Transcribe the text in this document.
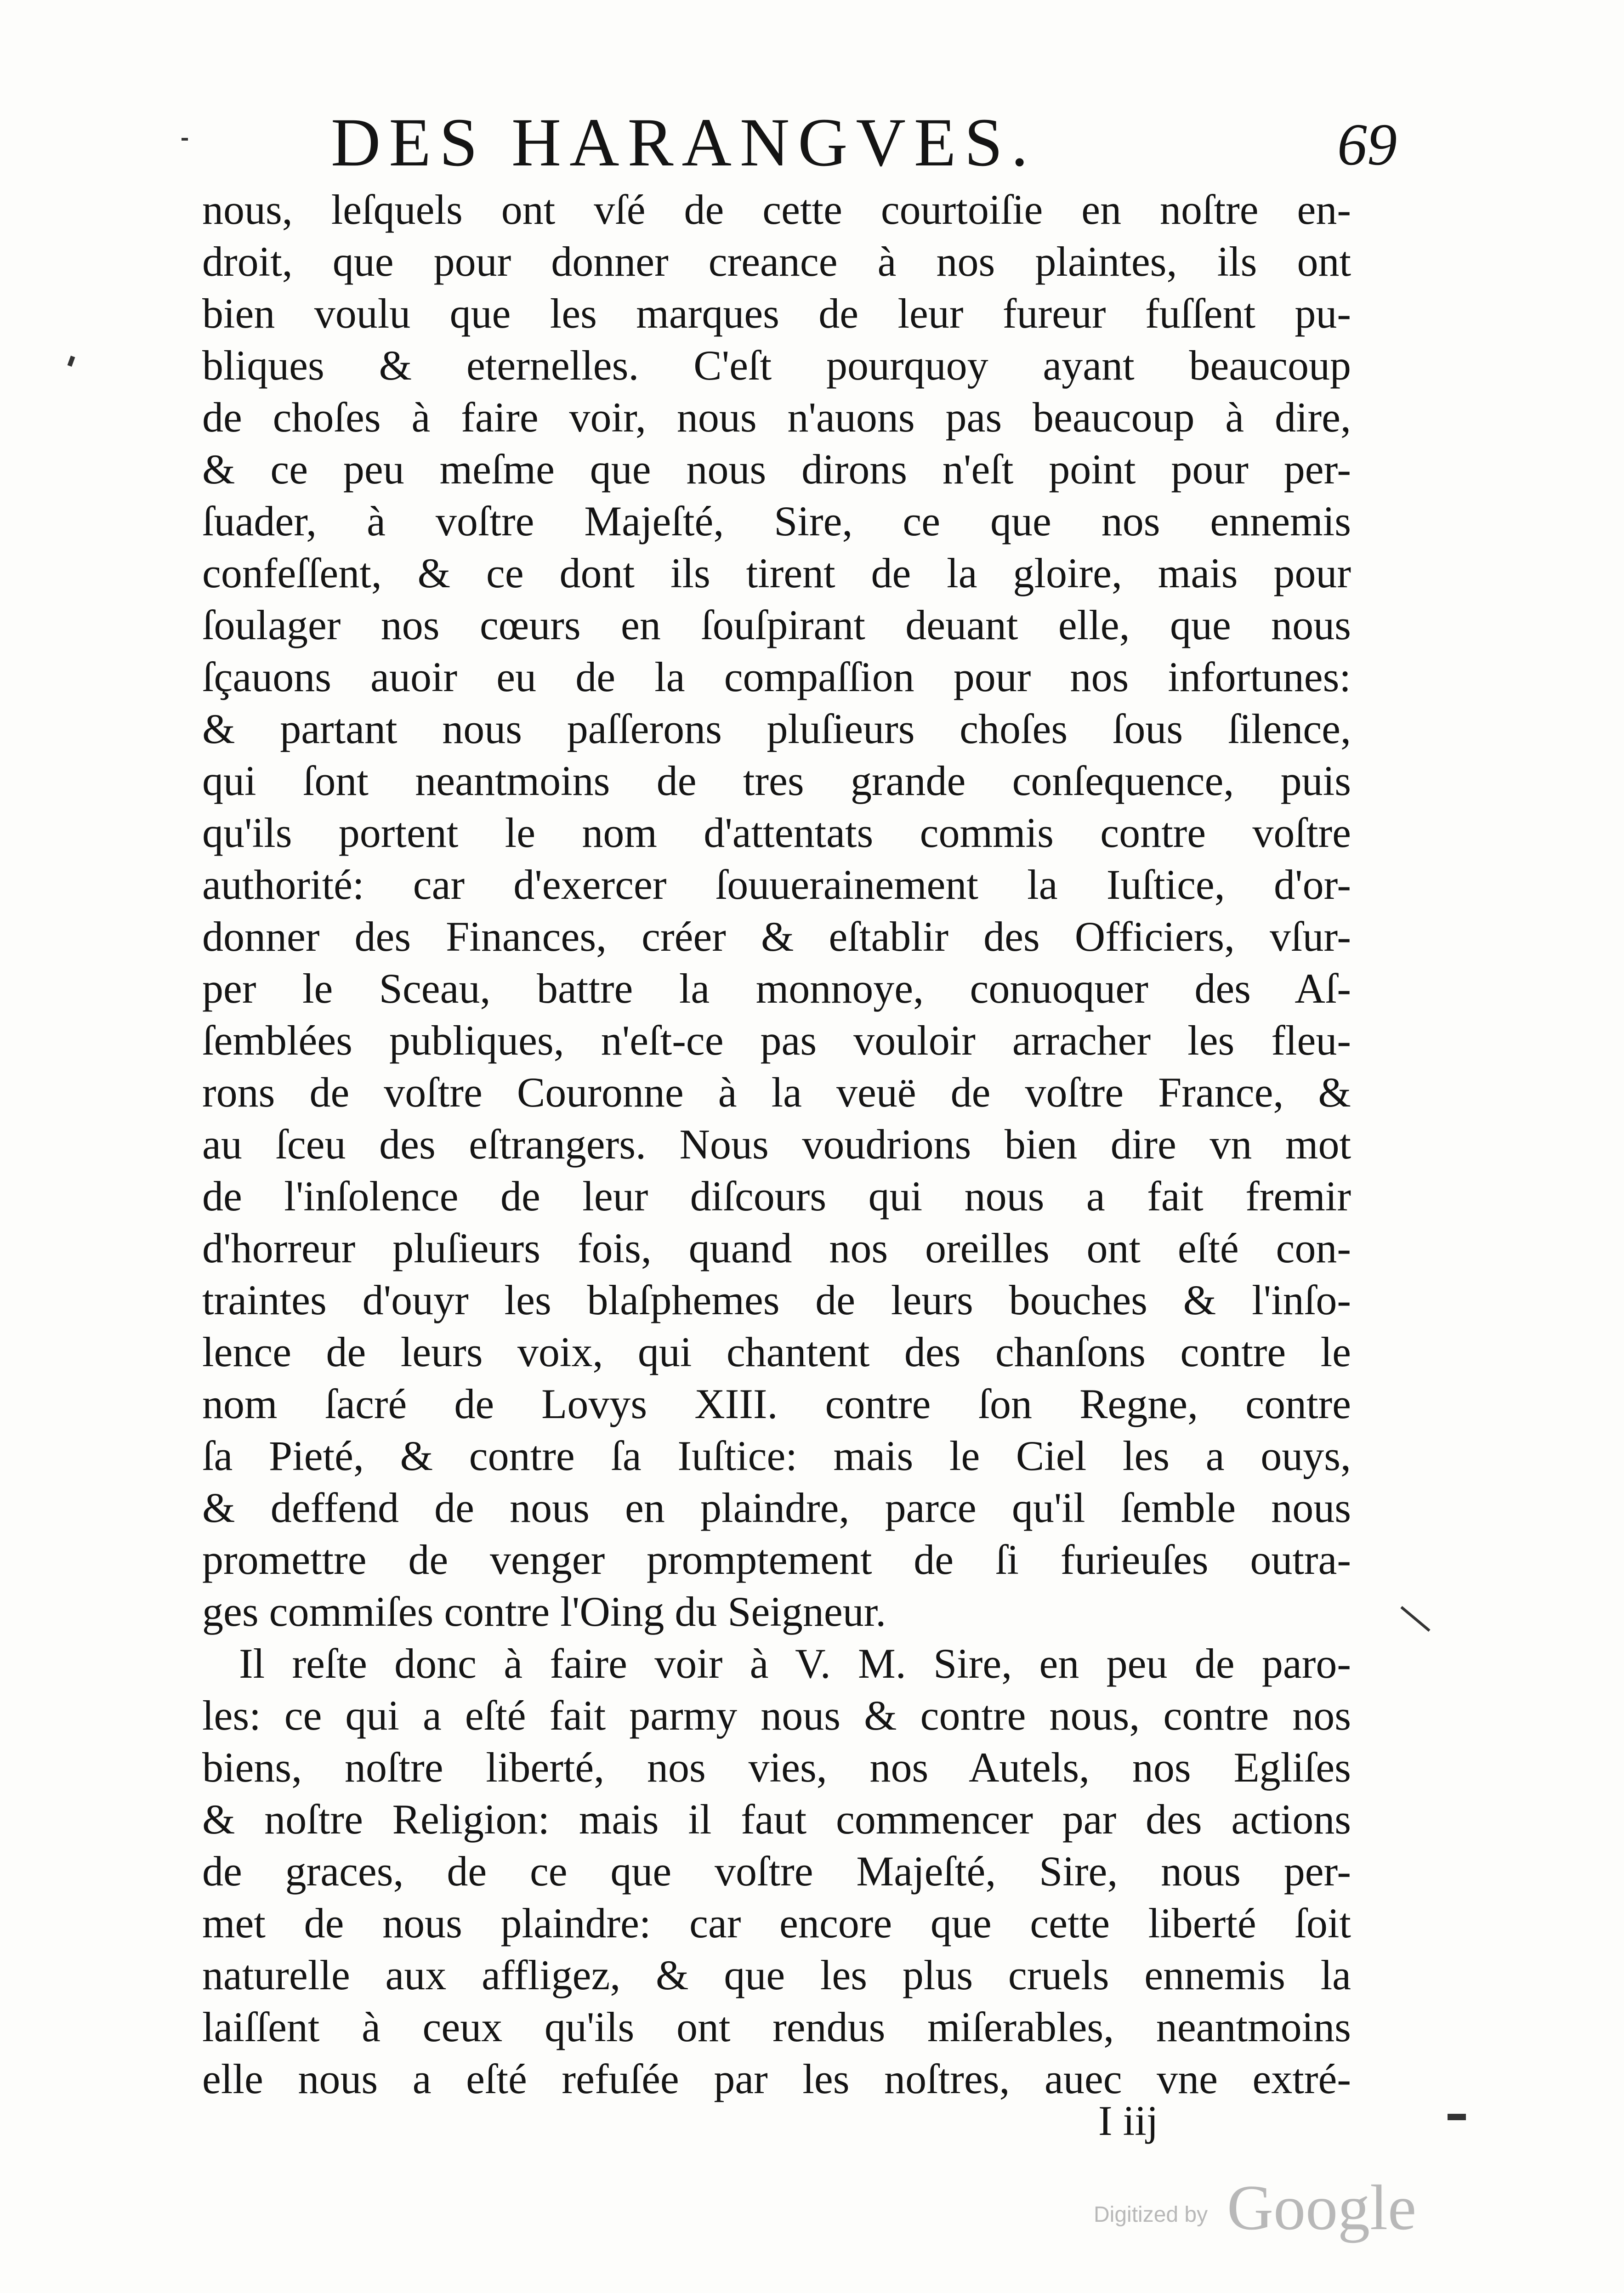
DES HARANGVES.	69
nous, leſquels ont vſé de cette courtoiſie en noſtre en-
droit, que pour donner creance à nos plaintes, ils ont
bien voulu que les marques de leur fureur fuſſent pu-
bliques & eternelles. C'eſt pourquoy ayant beaucoup
de choſes à faire voir, nous n'auons pas beaucoup à dire,
& ce peu meſme que nous dirons n'eſt point pour per-
ſuader, à voſtre Majeſté, Sire, ce que nos ennemis
confeſſent, & ce dont ils tirent de la gloire, mais pour
ſoulager nos cœurs en ſouſpirant deuant elle, que nous
ſçauons auoir eu de la compaſſion pour nos infortunes:
& partant nous paſſerons pluſieurs choſes ſous ſilence,
qui ſont neantmoins de tres grande conſequence, puis
qu'ils portent le nom d'attentats commis contre voſtre
authorité: car d'exercer ſouuerainement la Iuſtice, d'or-
donner des Finances, créer & eſtablir des Officiers, vſur-
per le Sceau, battre la monnoye, conuoquer des Aſ-
ſemblées publiques, n'eſt-ce pas vouloir arracher les fleu-
rons de voſtre Couronne à la veuë de voſtre France, &
au ſceu des eſtrangers. Nous voudrions bien dire vn mot
de l'inſolence de leur diſcours qui nous a fait fremir
d'horreur pluſieurs fois, quand nos oreilles ont eſté con-
traintes d'ouyr les blaſphemes de leurs bouches & l'inſo-
lence de leurs voix, qui chantent des chanſons contre le
nom ſacré de Lovys XIII. contre ſon Regne, contre
ſa Pieté, & contre ſa Iuſtice: mais le Ciel les a ouys,
& deffend de nous en plaindre, parce qu'il ſemble nous
promettre de venger promptement de ſi furieuſes outra-
ges commiſes contre l'Oing du Seigneur.
Il reſte donc à faire voir à V. M. Sire, en peu de paro-
les: ce qui a eſté fait parmy nous & contre nous, contre nos
biens, noſtre liberté, nos vies, nos Autels, nos Egliſes
& noſtre Religion: mais il faut commencer par des actions
de graces, de ce que voſtre Majeſté, Sire, nous per-
met de nous plaindre: car encore que cette liberté ſoit
naturelle aux affligez, & que les plus cruels ennemis la
laiſſent à ceux qu'ils ont rendus miſerables, neantmoins
elle nous a eſté refuſée par les noſtres, auec vne extré-
I iij
Digitized by Google
